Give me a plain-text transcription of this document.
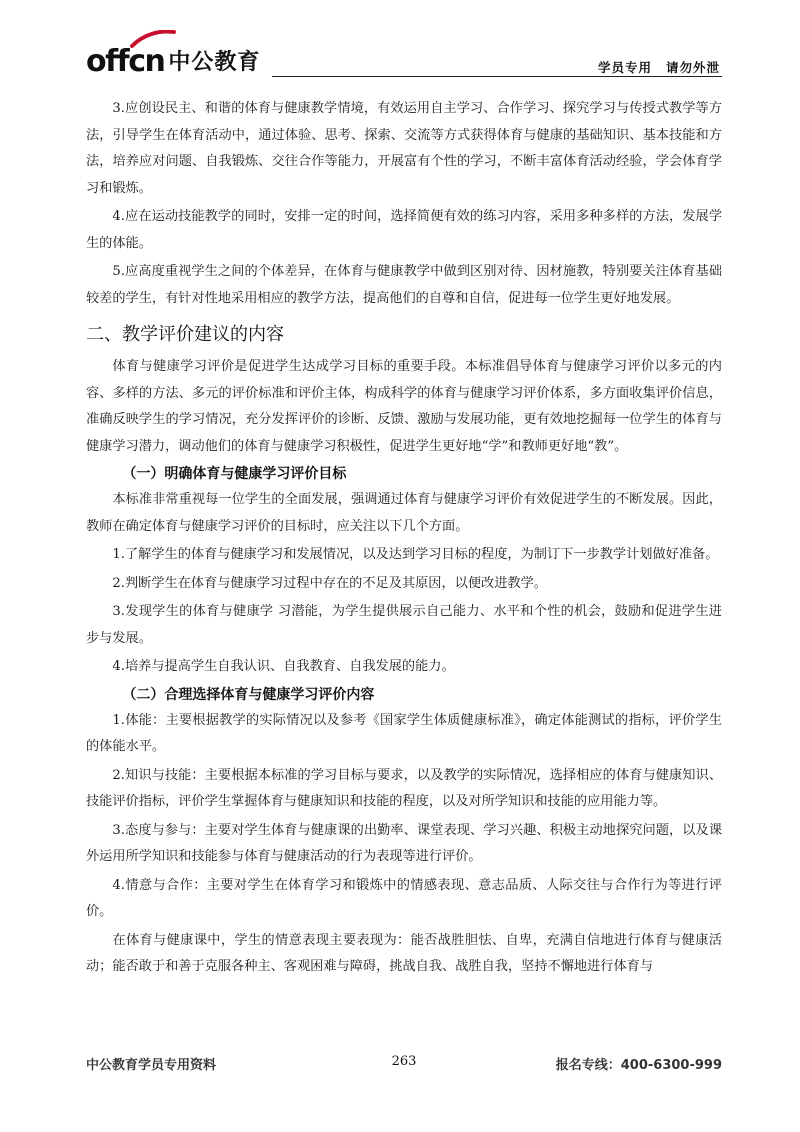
offcn 中公教育	学员专用 请勿外泄

3.应创设民主、和谐的体育与健康教学情境，有效运用自主学习、合作学习、探究学习与传授式教学等方法，引导学生在体育活动中，通过体验、思考、探索、交流等方式获得体育与健康的基础知识、基本技能和方法，培养应对问题、自我锻炼、交往合作等能力，开展富有个性的学习，不断丰富体育活动经验，学会体育学习和锻炼。

4.应在运动技能教学的同时，安排一定的时间，选择简便有效的练习内容，采用多种多样的方法，发展学生的体能。

5.应高度重视学生之间的个体差异，在体育与健康教学中做到区别对待、因材施教，特别要关注体育基础较差的学生，有针对性地采用相应的教学方法，提高他们的自尊和自信，促进每一位学生更好地发展。

二、教学评价建议的内容

体育与健康学习评价是促进学生达成学习目标的重要手段。本标准倡导体育与健康学习评价以多元的内容、多样的方法、多元的评价标准和评价主体，构成科学的体育与健康学习评价体系，多方面收集评价信息，准确反映学生的学习情况，充分发挥评价的诊断、反馈、激励与发展功能，更有效地挖掘每一位学生的体育与健康学习潜力，调动他们的体育与健康学习积极性，促进学生更好地“学”和教师更好地“教”。

（一）明确体育与健康学习评价目标

本标准非常重视每一位学生的全面发展，强调通过体育与健康学习评价有效促进学生的不断发展。因此，教师在确定体育与健康学习评价的目标时，应关注以下几个方面。

1.了解学生的体育与健康学习和发展情况，以及达到学习目标的程度，为制订下一步教学计划做好准备。

2.判断学生在体育与健康学习过程中存在的不足及其原因，以便改进教学。

3.发现学生的体育与健康学 习潜能，为学生提供展示自己能力、水平和个性的机会，鼓励和促进学生进步与发展。

4.培养与提高学生自我认识、自我教育、自我发展的能力。

（二）合理选择体育与健康学习评价内容

1.体能：主要根据教学的实际情况以及参考《国家学生体质健康标准》，确定体能测试的指标，评价学生的体能水平。

2.知识与技能：主要根据本标准的学习目标与要求，以及教学的实际情况，选择相应的体育与健康知识、技能评价指标，评价学生掌握体育与健康知识和技能的程度，以及对所学知识和技能的应用能力等。

3.态度与参与：主要对学生体育与健康课的出勤率、课堂表现、学习兴趣、积极主动地探究问题，以及课外运用所学知识和技能参与体育与健康活动的行为表现等进行评价。

4.情意与合作：主要对学生在体育学习和锻炼中的情感表现、意志品质、人际交往与合作行为等进行评价。

在体育与健康课中，学生的情意表现主要表现为：能否战胜胆怯、自卑，充满自信地进行体育与健康活动；能否敢于和善于克服各种主、客观困难与障碍，挑战自我、战胜自我，坚持不懈地进行体育与

中公教育学员专用资料	263	报名专线：400-6300-999
